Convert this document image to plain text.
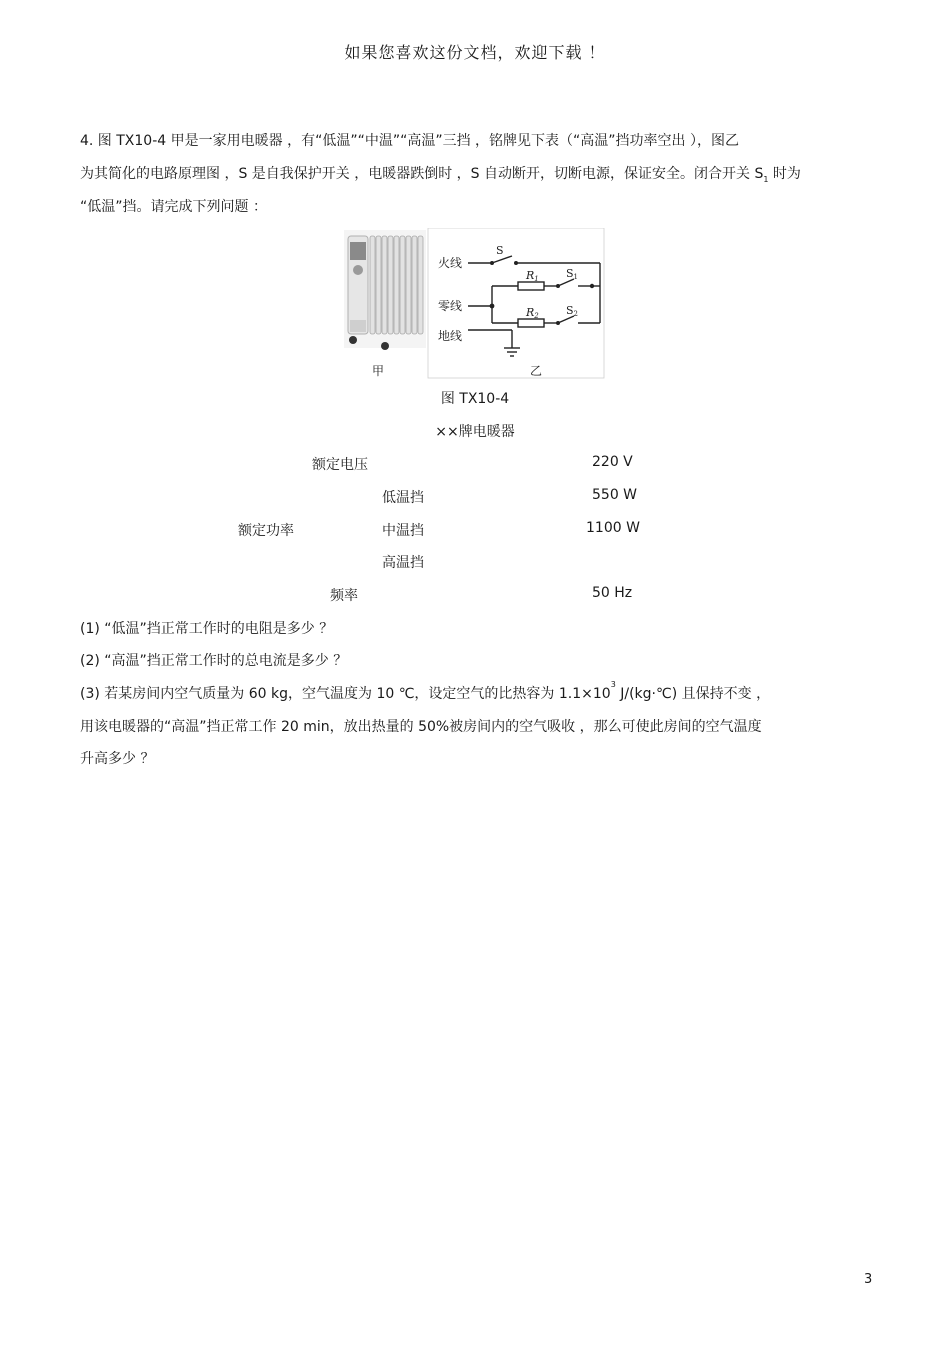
如果您喜欢这份文档，欢迎下载 ！
4. 图 TX10-4 甲是一家用电暖器 ，有“低温”“中温”“高温”三挡 ，铭牌见下表（“高温”挡功率空出 ），图乙
为其简化的电路原理图 ，S 是自我保护开关 ，电暖器跌倒时 ，S 自动断开，切断电源，保证安全。闭合开关 $S_1$ 时为
“低温”挡。请完成下列问题 ：
火线
零线
地线
S
R1 S1
R2 S2
甲	乙
图 TX10-4
××牌电暖器
额定电压	220 V
低温挡	550 W
额定功率	中温挡	1100 W
高温挡
频率	50 Hz
(1) “低温”挡正常工作时的电阻是多少 ？
(2) “高温”挡正常工作时的总电流是多少 ？
(3) 若某房间内空气质量为 60 kg，空气温度为 10 ℃，设定空气的比热容为 $1.1\times 10^3$ J/(kg·℃) 且保持不变 ，
用该电暖器的“高温”挡正常工作 20 min，放出热量的 50%被房间内的空气吸收 ，那么可使此房间的空气温度
升高多少 ？
3
